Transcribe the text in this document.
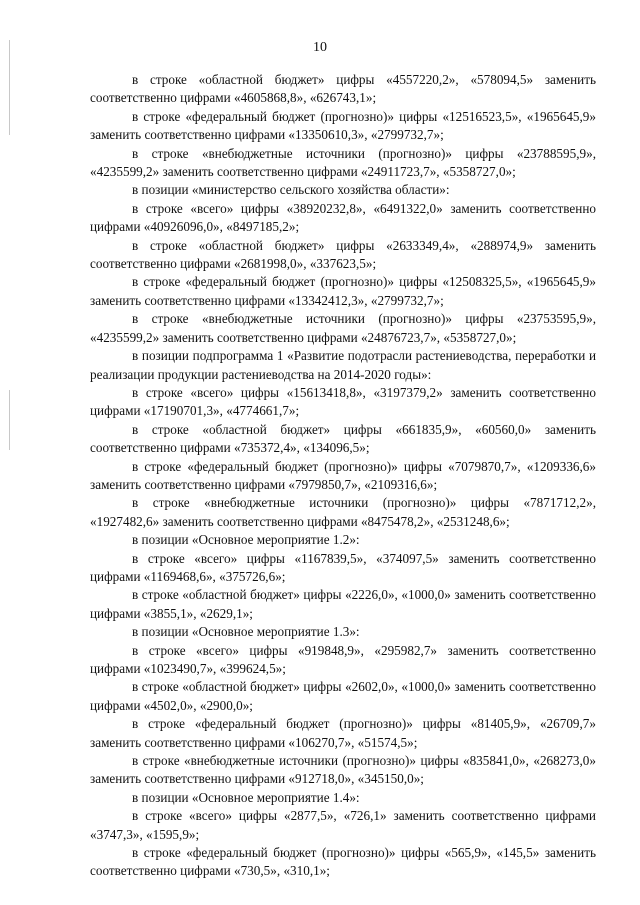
10

в строке «областной бюджет» цифры «4557220,2», «578094,5» заменить соответственно цифрами «4605868,8», «626743,1»;

в строке «федеральный бюджет (прогнозно)» цифры «12516523,5», «1965645,9» заменить соответственно цифрами «13350610,3», «2799732,7»;

в строке «внебюджетные источники (прогнозно)» цифры «23788595,9», «4235599,2» заменить соответственно цифрами «24911723,7», «5358727,0»;

в позиции «министерство сельского хозяйства области»:

в строке «всего» цифры «38920232,8», «6491322,0» заменить соответственно цифрами «40926096,0», «8497185,2»;

в строке «областной бюджет» цифры «2633349,4», «288974,9» заменить соответственно цифрами «2681998,0», «337623,5»;

в строке «федеральный бюджет (прогнозно)» цифры «12508325,5», «1965645,9» заменить соответственно цифрами «13342412,3», «2799732,7»;

в строке «внебюджетные источники (прогнозно)» цифры «23753595,9», «4235599,2» заменить соответственно цифрами «24876723,7», «5358727,0»;

в позиции подпрограмма 1 «Развитие подотрасли растениеводства, переработки и реализации продукции растениеводства на 2014-2020 годы»:

в строке «всего» цифры «15613418,8», «3197379,2» заменить соответственно цифрами «17190701,3», «4774661,7»;

в строке «областной бюджет» цифры «661835,9», «60560,0» заменить соответственно цифрами «735372,4», «134096,5»;

в строке «федеральный бюджет (прогнозно)» цифры «7079870,7», «1209336,6» заменить соответственно цифрами «7979850,7», «2109316,6»;

в строке «внебюджетные источники (прогнозно)» цифры «7871712,2», «1927482,6» заменить соответственно цифрами «8475478,2», «2531248,6»;

в позиции «Основное мероприятие 1.2»:

в строке «всего» цифры «1167839,5», «374097,5» заменить соответственно цифрами «1169468,6», «375726,6»;

в строке «областной бюджет» цифры «2226,0», «1000,0» заменить соответственно цифрами «3855,1», «2629,1»;

в позиции «Основное мероприятие 1.3»:

в строке «всего» цифры «919848,9», «295982,7» заменить соответственно цифрами «1023490,7», «399624,5»;

в строке «областной бюджет» цифры «2602,0», «1000,0» заменить соответственно цифрами «4502,0», «2900,0»;

в строке «федеральный бюджет (прогнозно)» цифры «81405,9», «26709,7» заменить соответственно цифрами «106270,7», «51574,5»;

в строке «внебюджетные источники (прогнозно)» цифры «835841,0», «268273,0» заменить соответственно цифрами «912718,0», «345150,0»;

в позиции «Основное мероприятие 1.4»:

в строке «всего» цифры «2877,5», «726,1» заменить соответственно цифрами «3747,3», «1595,9»;

в строке «федеральный бюджет (прогнозно)» цифры «565,9», «145,5» заменить соответственно цифрами «730,5», «310,1»;
